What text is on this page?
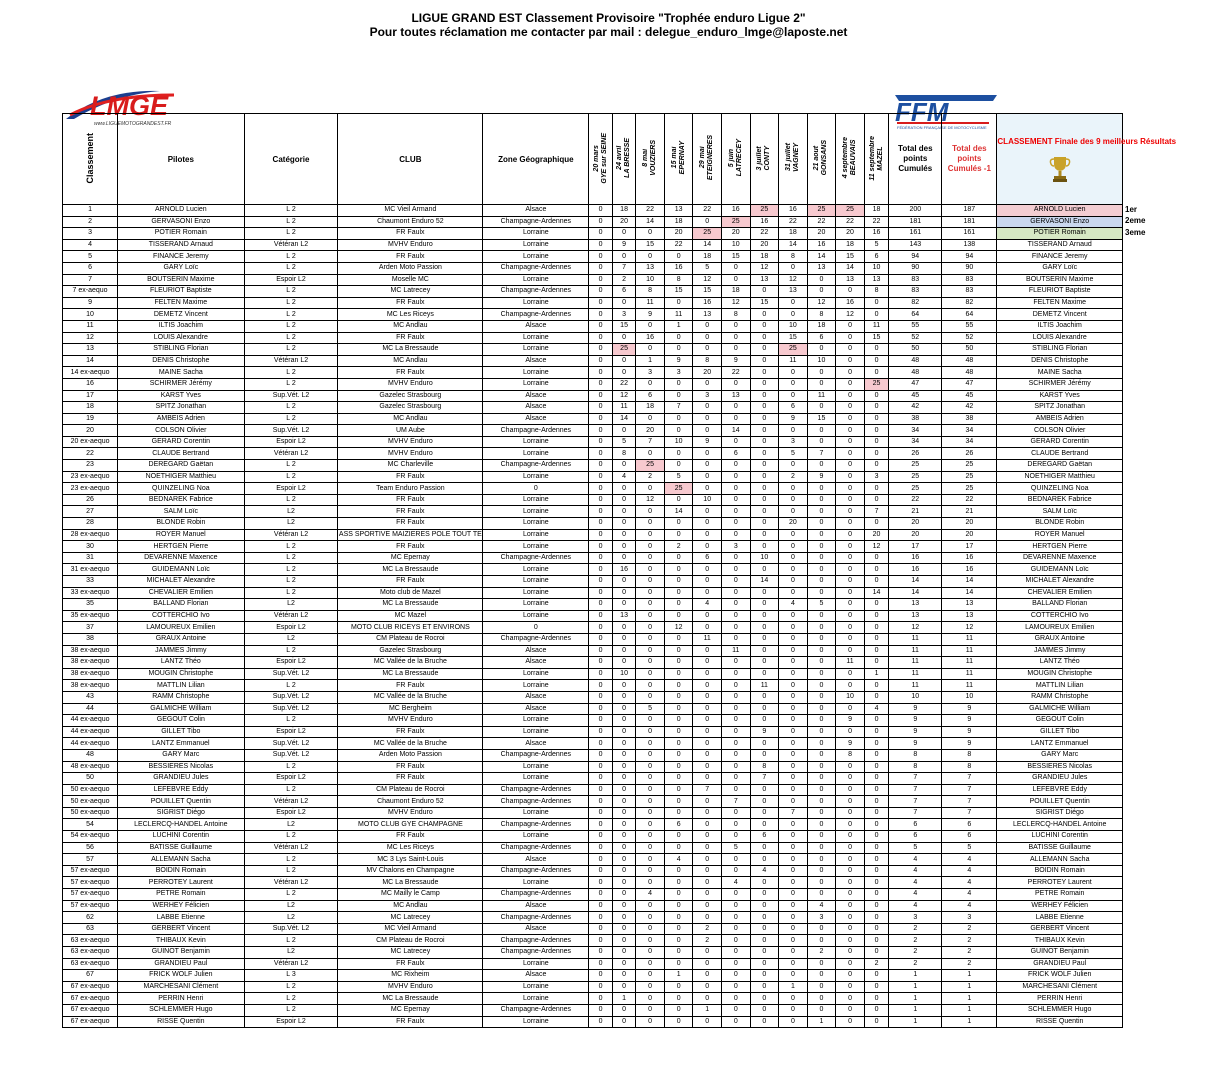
LIGUE GRAND EST Classement Provisoire "Trophée enduro Ligue 2"
Pour toutes réclamation me contacter par mail : delegue_enduro_lmge@laposte.net
LMGE
www.LIGUEMOTOGRANDEST.FR	FFM
FÉDÉRATION FRANÇAISE DE MOTOCYCLISME
Classement	Pilotes	Catégorie	CLUB	Zone Géographique	20 mars
GYE sur SEINE	24 avril
LA BRESSE	8 mai
VOUZIERS	15 mai
EPERNAY	29 mai
ETEIGNERES	5 juin
LATRECEY	3 juillet
CONTY	31 juillet
VAGNEY	21 aout
GONSANS	4 septembre
BEAUVAIS	11 septembre
MAZEL	Total des points Cumulés	Total des points Cumulés -1	CLASSEMENT Finale des 9 meilleurs Résultats

1	ARNOLD Lucien	L 2	MC Vieil Armand	Alsace	0	18	22	13	22	16	25	16	25	25	18	200	187	ARNOLD Lucien
2	GERVASONI Enzo	L 2	Chaumont Enduro 52	Champagne-Ardennes	0	20	14	18	0	25	16	22	22	22	22	181	181	GERVASONI Enzo
3	POTIER Romain	L 2	FR Faulx	Lorraine	0	0	0	20	25	20	22	18	20	20	16	161	161	POTIER Romain
4	TISSERAND Arnaud	Vétéran L2	MVHV Enduro	Lorraine	0	9	15	22	14	10	20	14	16	18	5	143	138	TISSERAND Arnaud
5	FINANCE Jeremy	L 2	FR Faulx	Lorraine	0	0	0	0	18	15	18	8	14	15	6	94	94	FINANCE Jeremy
6	GARY Loïc	L 2	Arden Moto Passion	Champagne-Ardennes	0	7	13	16	5	0	12	0	13	14	10	90	90	GARY Loïc
7	BOUTSERIN Maxime	Espoir L2	Moselle MC	Lorraine	0	2	10	8	12	0	13	12	0	13	13	83	83	BOUTSERIN Maxime
7 ex-aequo	FLEURIOT Baptiste	L 2	MC Latrecey	Champagne-Ardennes	0	6	8	15	15	18	0	13	0	0	8	83	83	FLEURIOT Baptiste
9	FELTEN Maxime	L 2	FR Faulx	Lorraine	0	0	11	0	16	12	15	0	12	16	0	82	82	FELTEN Maxime
10	DEMETZ Vincent	L 2	MC Les Riceys	Champagne-Ardennes	0	3	9	11	13	8	0	0	8	12	0	64	64	DEMETZ Vincent
11	ILTIS Joachim	L 2	MC Andlau	Alsace	0	15	0	1	0	0	0	10	18	0	11	55	55	ILTIS Joachim
12	LOUIS Alexandre	L 2	FR Faulx	Lorraine	0	0	16	0	0	0	0	15	6	0	15	52	52	LOUIS Alexandre
13	STIBLING Florian	L 2	MC La Bressaude	Lorraine	0	25	0	0	0	0	0	25	0	0	0	50	50	STIBLING Florian
14	DENIS Christophe	Vétéran L2	MC Andlau	Alsace	0	0	1	9	8	9	0	11	10	0	0	48	48	DENIS Christophe
14 ex-aequo	MAINE Sacha	L 2	FR Faulx	Lorraine	0	0	3	3	20	22	0	0	0	0	0	48	48	MAINE Sacha
16	SCHIRMER Jérémy	L 2	MVHV Enduro	Lorraine	0	22	0	0	0	0	0	0	0	0	25	47	47	SCHIRMER Jérémy
17	KARST Yves	Sup.Vét. L2	Gazelec Strasbourg	Alsace	0	12	6	0	3	13	0	0	11	0	0	45	45	KARST Yves
18	SPITZ Jonathan	L 2	Gazelec Strasbourg	Alsace	0	11	18	7	0	0	0	6	0	0	0	42	42	SPITZ Jonathan
19	AMBEIS Adrien	L 2	MC Andlau	Alsace	0	14	0	0	0	0	0	9	15	0	0	38	38	AMBEIS Adrien
20	COLSON Olivier	Sup.Vét. L2	UM Aube	Champagne-Ardennes	0	0	20	0	0	14	0	0	0	0	0	34	34	COLSON Olivier
20 ex-aequo	GERARD Corentin	Espoir L2	MVHV Enduro	Lorraine	0	5	7	10	9	0	0	3	0	0	0	34	34	GERARD Corentin
22	CLAUDE Bertrand	Vétéran L2	MVHV Enduro	Lorraine	0	8	0	0	0	6	0	5	7	0	0	26	26	CLAUDE Bertrand
23	DEREGARD Gaëtan	L 2	MC Charleville	Champagne-Ardennes	0	0	25	0	0	0	0	0	0	0	0	25	25	DEREGARD Gaëtan
23 ex-aequo	NOETHIGER Matthieu	L 2	FR Faulx	Lorraine	0	4	2	5	0	0	0	2	9	0	3	25	25	NOETHIGER Matthieu
23 ex-aequo	QUINZELING Noa	Espoir L2	Team Enduro Passion	0	0	0	0	25	0	0	0	0	0	0	0	25	25	QUINZELING Noa
26	BEDNAREK Fabrice	L 2	FR Faulx	Lorraine	0	0	12	0	10	0	0	0	0	0	0	22	22	BEDNAREK Fabrice
27	SALM Loïc	L2	FR Faulx	Lorraine	0	0	0	14	0	0	0	0	0	0	7	21	21	SALM Loïc
28	BLONDE Robin	L2	FR Faulx	Lorraine	0	0	0	0	0	0	0	20	0	0	0	20	20	BLONDE Robin
28 ex-aequo	ROYER Manuel	Vétéran L2	ASS SPORTIVE MAIZIERES POLE TOUT TE	Lorraine	0	0	0	0	0	0	0	0	0	0	20	20	20	ROYER Manuel
30	HERTGEN Pierre	L 2	FR Faulx	Lorraine	0	0	0	2	0	3	0	0	0	0	12	17	17	HERTGEN Pierre
31	DEVARENNE Maxence	L 2	MC Epernay	Champagne-Ardennes	0	0	0	0	6	0	10	0	0	0	0	16	16	DEVARENNE Maxence
31 ex-aequo	GUIDEMANN Loïc	L 2	MC La Bressaude	Lorraine	0	16	0	0	0	0	0	0	0	0	0	16	16	GUIDEMANN Loïc
33	MICHALET Alexandre	L 2	FR Faulx	Lorraine	0	0	0	0	0	0	14	0	0	0	0	14	14	MICHALET Alexandre
33 ex-aequo	CHEVALIER Emilien	L 2	Moto club de Mazel	Lorraine	0	0	0	0	0	0	0	0	0	0	14	14	14	CHEVALIER Emilien
35	BALLAND Florian	L2	MC La Bressaude	Lorraine	0	0	0	0	4	0	0	4	5	0	0	13	13	BALLAND Florian
35 ex-aequo	COTTERCHIO Ivo	Vétéran L2	MC Mazel	Lorraine	0	13	0	0	0	0	0	0	0	0	0	13	13	COTTERCHIO Ivo
37	LAMOUREUX Emilien	Espoir L2	MOTO CLUB RICEYS ET ENVIRONS	0	0	0	0	12	0	0	0	0	0	0	0	12	12	LAMOUREUX Emilien
38	GRAUX Antoine	L2	CM Plateau de Rocroi	Champagne-Ardennes	0	0	0	0	11	0	0	0	0	0	0	11	11	GRAUX Antoine
38 ex-aequo	JAMMES Jimmy	L 2	Gazelec Strasbourg	Alsace	0	0	0	0	0	11	0	0	0	0	0	11	11	JAMMES Jimmy
38 ex-aequo	LANTZ Théo	Espoir L2	MC Vallée de la Bruche	Alsace	0	0	0	0	0	0	0	0	0	11	0	11	11	LANTZ Théo
38 ex-aequo	MOUGIN Christophe	Sup.Vét. L2	MC La Bressaude	Lorraine	0	10	0	0	0	0	0	0	0	0	1	11	11	MOUGIN Christophe
38 ex-aequo	MATTLIN Lilian	L 2	FR Faulx	Lorraine	0	0	0	0	0	0	11	0	0	0	0	11	11	MATTLIN Lilian
43	RAMM Christophe	Sup.Vét. L2	MC Vallée de la Bruche	Alsace	0	0	0	0	0	0	0	0	0	10	0	10	10	RAMM Christophe
44	GALMICHE William	Sup.Vét. L2	MC Bergheim	Alsace	0	0	5	0	0	0	0	0	0	0	4	9	9	GALMICHE William
44 ex-aequo	GEGOUT Colin	L 2	MVHV Enduro	Lorraine	0	0	0	0	0	0	0	0	0	9	0	9	9	GEGOUT Colin
44 ex-aequo	GILLET Tibo	Espoir L2	FR Faulx	Lorraine	0	0	0	0	0	0	9	0	0	0	0	9	9	GILLET Tibo
44 ex-aequo	LANTZ Emmanuel	Sup.Vét. L2	MC Vallée de la Bruche	Alsace	0	0	0	0	0	0	0	0	0	9	0	9	9	LANTZ Emmanuel
48	GARY Marc	Sup.Vét. L2	Arden Moto Passion	Champagne-Ardennes	0	0	0	0	0	0	0	0	0	8	0	8	8	GARY Marc
48 ex-aequo	BESSIERES Nicolas	L 2	FR Faulx	Lorraine	0	0	0	0	0	0	8	0	0	0	0	8	8	BESSIERES Nicolas
50	GRANDIEU Jules	Espoir L2	FR Faulx	Lorraine	0	0	0	0	0	0	7	0	0	0	0	7	7	GRANDIEU Jules
50 ex-aequo	LEFEBVRE Eddy	L 2	CM Plateau de Rocroi	Champagne-Ardennes	0	0	0	0	7	0	0	0	0	0	0	7	7	LEFEBVRE Eddy
50 ex-aequo	POUILLET Quentin	Vétéran L2	Chaumont Enduro 52	Champagne-Ardennes	0	0	0	0	0	7	0	0	0	0	0	7	7	POUILLET Quentin
50 ex-aequo	SIGRIST Diégo	Espoir L2	MVHV Enduro	Lorraine	0	0	0	0	0	0	0	7	0	0	0	7	7	SIGRIST Diégo
54	LECLERCQ-HANDEL Antoine	L2	MOTO CLUB GYE CHAMPAGNE	Champagne-Ardennes	0	0	0	6	0	0	0	0	0	0	0	6	6	LECLERCQ-HANDEL Antoine
54 ex-aequo	LUCHINI Corentin	L 2	FR Faulx	Lorraine	0	0	0	0	0	0	6	0	0	0	0	6	6	LUCHINI Corentin
56	BATISSE Guillaume	Vétéran L2	MC Les Riceys	Champagne-Ardennes	0	0	0	0	0	5	0	0	0	0	0	5	5	BATISSE Guillaume
57	ALLEMANN Sacha	L 2	MC 3 Lys Saint-Louis	Alsace	0	0	0	4	0	0	0	0	0	0	0	4	4	ALLEMANN Sacha
57 ex-aequo	BOIDIN Romain	L 2	MV Chalons en Champagne	Champagne-Ardennes	0	0	0	0	0	0	4	0	0	0	0	4	4	BOIDIN Romain
57 ex-aequo	PERROTEY Laurent	Vétéran L2	MC La Bressaude	Lorraine	0	0	0	0	0	4	0	0	0	0	0	4	4	PERROTEY Laurent
57 ex-aequo	PETRE Romain	L 2	MC Mailly le Camp	Champagne-Ardennes	0	0	4	0	0	0	0	0	0	0	0	4	4	PETRE Romain
57 ex-aequo	WERHEY Félicien	L2	MC Andlau	Alsace	0	0	0	0	0	0	0	0	4	0	0	4	4	WERHEY Félicien
62	LABBE Etienne	L2	MC Latrecey	Champagne-Ardennes	0	0	0	0	0	0	0	0	3	0	0	3	3	LABBE Etienne
63	GERBERT Vincent	Sup.Vét. L2	MC Vieil Armand	Alsace	0	0	0	0	2	0	0	0	0	0	0	2	2	GERBERT Vincent
63 ex-aequo	THIBAUX Kevin	L 2	CM Plateau de Rocroi	Champagne-Ardennes	0	0	0	0	2	0	0	0	0	0	0	2	2	THIBAUX Kevin
63 ex-aequo	GUINOT Benjamin	L2	MC Latrecey	Champagne-Ardennes	0	0	0	0	0	0	0	0	2	0	0	2	2	GUINOT Benjamin
63 ex-aequo	GRANDIEU Paul	Vétéran L2	FR Faulx	Lorraine	0	0	0	0	0	0	0	0	0	0	2	2	2	GRANDIEU Paul
67	FRICK WOLF Julien	L 3	MC Rixheim	Alsace	0	0	0	1	0	0	0	0	0	0	0	1	1	FRICK WOLF Julien
67 ex-aequo	MARCHESANI Clément	L 2	MVHV Enduro	Lorraine	0	0	0	0	0	0	0	1	0	0	0	1	1	MARCHESANI Clément
67 ex-aequo	PERRIN Henri	L 2	MC La Bressaude	Lorraine	0	1	0	0	0	0	0	0	0	0	0	1	1	PERRIN Henri
67 ex-aequo	SCHLEMMER Hugo	L 2	MC Epernay	Champagne-Ardennes	0	0	0	0	1	0	0	0	0	0	0	1	1	SCHLEMMER Hugo
67 ex-aequo	RISSE Quentin	Espoir L2	FR Faulx	Lorraine	0	0	0	0	0	0	0	0	1	0	0	1	1	RISSE Quentin
1er
2eme
3eme
